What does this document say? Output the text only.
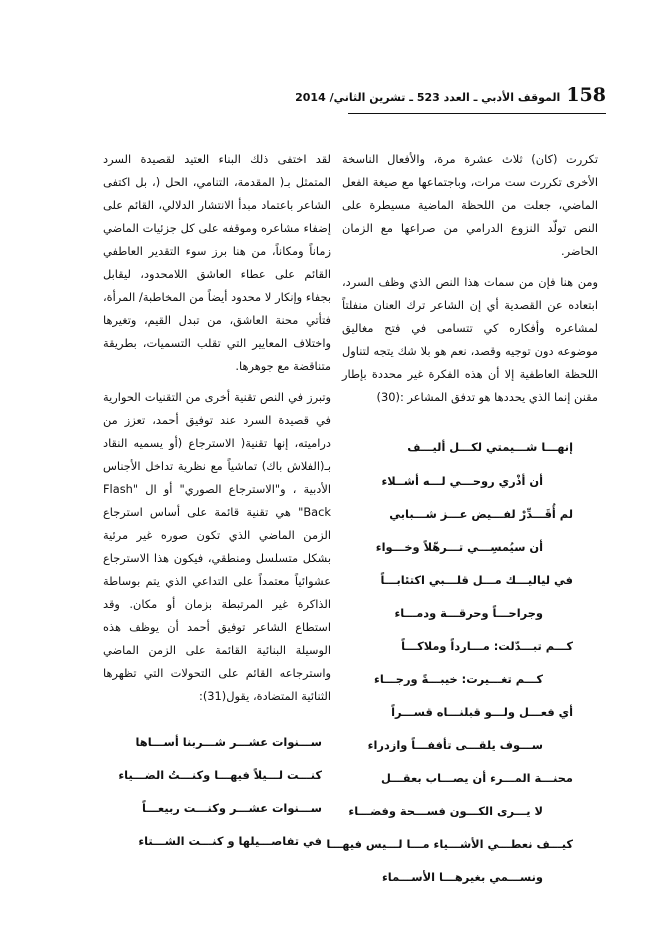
158
الموقف الأدبي ـ العدد 523 ـ تشرين الثاني/ 2014

تكررت (كان) ثلاث عشرة مرة، والأفعال الناسخة الأخرى تكررت ست مرات، وباجتماعها مع صيغة الفعل الماضي، جعلت من اللحظة الماضية مسيطرة على النص تولّد النزوع الدرامي من صراعها مع الزمان الحاضر.

ومن هنا فإن من سمات هذا النص الذي وظف السرد، ابتعاده عن القصدية أي إن الشاعر ترك العنان منفلتاً لمشاعره وأفكاره كي تتسامى في فتح مغاليق موضوعه دون توجيه وقصد، نعم هو بلا شك يتجه لتناول اللحظة العاطفية إلا أن هذه الفكرة غير محددة بإطار مقنن إنما الذي يحددها هو تدفق المشاعر :(30)

إنهـــا شـــيمتي لكـــل أليـــف
أن أذْري روحـــي لـــه أشــلاء
لم أُقَـــدِّرْ لفـــيض عـــز شـــبابي
أن سيُمسِـــي تـــرهّلاً وخـــواء
في لياليـــك مـــل قلـــبي اكتئابـــاً
وجراحـــاً وحرقـــة ودمـــاء
كـــم تبـــدّلت: مـــارداً وملاكـــاً
كـــم تغـــيرت: خيبـــةً ورجـــاء
أي فعـــل ولـــو قبلنـــاه قســـراً
ســـوف يلقـــى تأففـــاً وازدراء
محنـــة المـــرء أن يصـــاب بعقـــل
لا يـــرى الكـــون فســـحة وفضـــاء
كيـــف نعطـــي الأشـــياء مـــا لـــيس فيهـــا
ونســـمي بغيرهـــا الأســـماء

لقد اختفى ذلك البناء العتيد لقصيدة السرد المتمثل بـ( المقدمة، التنامي، الحل (، بل اكتفى الشاعر باعتماد مبدأ الانتشار الدلالي، القائم على إضفاء مشاعره وموقفه على كل جزئيات الماضي زماناً ومكاناً، من هنا برز سوء التقدير العاطفي القائم على عطاء العاشق اللامحدود، ليقابل بجفاء وإنكار لا محدود أيضاً من المخاطبة/ المرأة، فتأتي محنة العاشق، من تبدل القيم، وتغيرها واختلاف المعايير التي تقلب التسميات، بطريقة متناقضة مع جوهرها.

وتبرز في النص تقنية أخرى من التقنيات الحوارية في قصيدة السرد عند توفيق أحمد، تعزز من دراميته، إنها تقنية( الاسترجاع (أو يسميه النقاد بـ(الفلاش باك) تماشياً مع نظرية تداخل الأجناس الأدبية ، و"الاسترجاع الصوري" أو ال "Flash Back" هي تقنية قائمة على أساس استرجاع الزمن الماضي الذي تكون صوره غير مرئية بشكل متسلسل ومنطقي، فيكون هذا الاسترجاع عشوائياً معتمداً على التداعي الذي يتم بوساطة الذاكرة غير المرتبطة بزمان أو مكان. وقد استطاع الشاعر توفيق أحمد أن يوظف هذه الوسيلة البنائية القائمة على الزمن الماضي واسترجاعه القائم على التحولات التي تظهرها الثنائية المتضادة، يقول(31):

ســـنوات عشـــر شـــربنا أســـاها
كنـــت لـــيلاً فيهـــا وكنـــتُ الضـــياء
ســـنوات عشـــر وكنـــت ربيعـــاً
في تفاصـــيلها و كنـــت الشـــتاء
